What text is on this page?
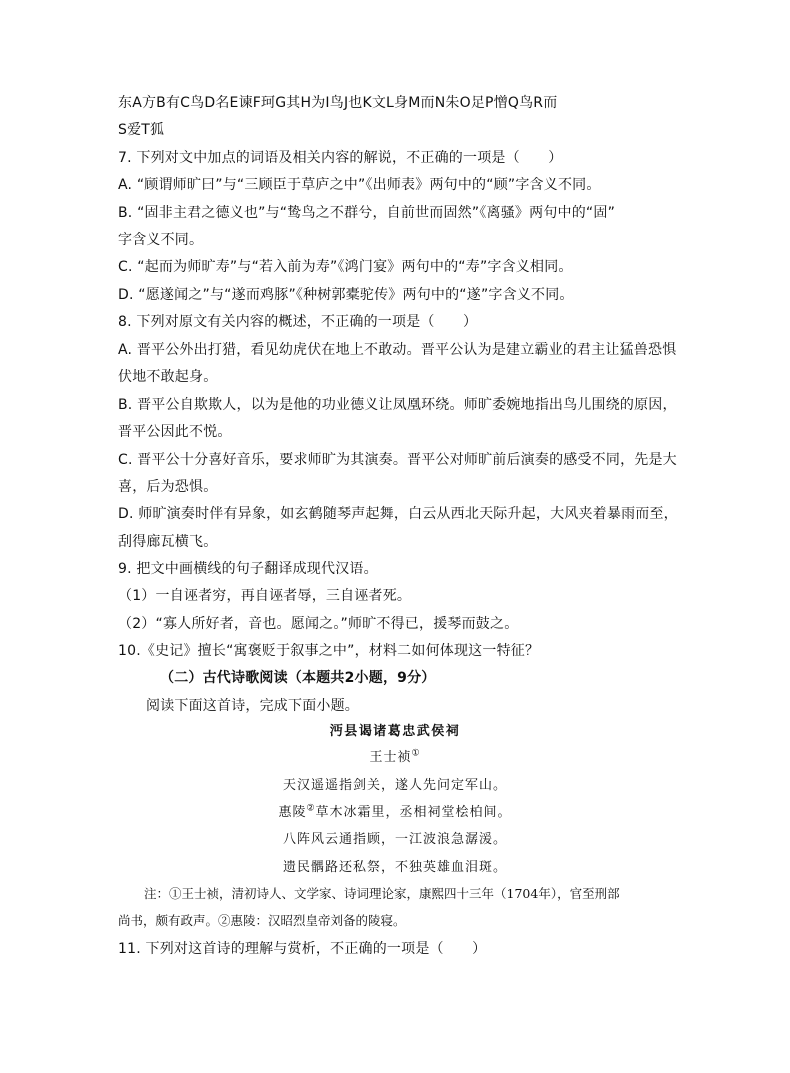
东A方B有C鸟D名E谏F珂G其H为I鸟J也K文L身M而N朱O足P憎Q鸟R而
S爱T狐
7. 下列对文中加点的词语及相关内容的解说，不正确的一项是（　　）
A. “顾谓师旷曰”与“三顾臣于草庐之中”《出师表》两句中的“顾”字含义不同。
B. “固非主君之德义也”与“鸷鸟之不群兮，自前世而固然”《离骚》两句中的“固”
字含义不同。
C. “起而为师旷寿”与“若入前为寿”《鸿门宴》两句中的“寿”字含义相同。
D. “愿遂闻之”与“遂而鸡豚”《种树郭橐驼传》两句中的“遂”字含义不同。
8. 下列对原文有关内容的概述，不正确的一项是（　　）
A. 晋平公外出打猎，看见幼虎伏在地上不敢动。晋平公认为是建立霸业的君主让猛兽恐惧
伏地不敢起身。
B. 晋平公自欺欺人，以为是他的功业德义让凤凰环绕。师旷委婉地指出鸟儿围绕的原因，
晋平公因此不悦。
C. 晋平公十分喜好音乐，要求师旷为其演奏。晋平公对师旷前后演奏的感受不同，先是大
喜，后为恐惧。
D. 师旷演奏时伴有异象，如玄鹤随琴声起舞，白云从西北天际升起，大风夹着暴雨而至，
刮得廊瓦横飞。
9. 把文中画横线的句子翻译成现代汉语。
（1）一自诬者穷，再自诬者辱，三自诬者死。
（2）“寡人所好者，音也。愿闻之。”师旷不得已，援琴而鼓之。
10.《史记》擅长“寓褒贬于叙事之中”，材料二如何体现这一特征？
（二）古代诗歌阅读（本题共2小题，9分）
阅读下面这首诗，完成下面小题。
沔县谒诸葛忠武侯祠
王士祯①
天汉遥遥指剑关，遂人先问定军山。
惠陵②草木冰霜里，丞相祠堂桧柏间。
八阵风云通指顾，一江波浪急潺湲。
遗民髃路还私祭，不独英雄血泪斑。
注：①王士祯，清初诗人、文学家、诗词理论家，康熙四十三年（1704年），官至刑部
尚书，颇有政声。②惠陵：汉昭烈皇帝刘备的陵寝。
11. 下列对这首诗的理解与赏析，不正确的一项是（　　）
